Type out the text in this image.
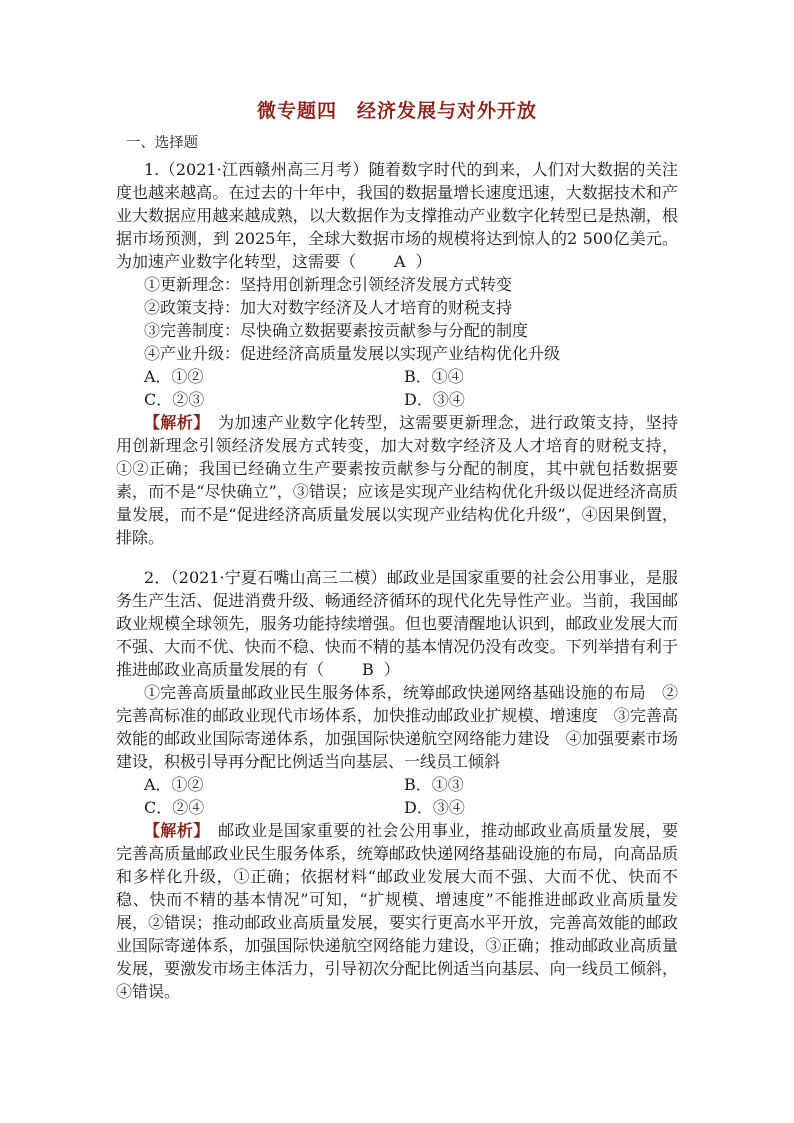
微专题四　经济发展与对外开放
一、选择题

1.（2021·江西赣州高三月考）随着数字时代的到来，人们对大数据的关注度也越来越高。在过去的十年中，我国的数据量增长速度迅速，大数据技术和产业大数据应用越来越成熟，以大数据作为支撑推动产业数字化转型已是热潮，根据市场预测，到 2025年，全球大数据市场的规模将达到惊人的2 500亿美元。为加速产业数字化转型，这需要（ A ）

①更新理念：坚持用创新理念引领经济发展方式转变

②政策支持：加大对数字经济及人才培育的财税支持

③完善制度：尽快确立数据要素按贡献参与分配的制度

④产业升级：促进经济高质量发展以实现产业结构优化升级

A．①②	B．①④
C．②③	D．③④

【解析】　为加速产业数字化转型，这需要更新理念，进行政策支持，坚持用创新理念引领经济发展方式转变，加大对数字经济及人才培育的财税支持，①②正确；我国已经确立生产要素按贡献参与分配的制度，其中就包括数据要素，而不是“尽快确立”，③错误；应该是实现产业结构优化升级以促进经济高质量发展，而不是“促进经济高质量发展以实现产业结构优化升级”，④因果倒置，排除。

2．（2021·宁夏石嘴山高三二模）邮政业是国家重要的社会公用事业，是服务生产生活、促进消费升级、畅通经济循环的现代化先导性产业。当前，我国邮政业规模全球领先，服务功能持续增强。但也要清醒地认识到，邮政业发展大而不强、大而不优、快而不稳、快而不精的基本情况仍没有改变。下列举措有利于推进邮政业高质量发展的有（ B ）

①完善高质量邮政业民生服务体系，统筹邮政快递网络基础设施的布局　②完善高标准的邮政业现代市场体系，加快推动邮政业扩规模、增速度　③完善高效能的邮政业国际寄递体系，加强国际快递航空网络能力建设　④加强要素市场建设，积极引导再分配比例适当向基层、一线员工倾斜

A．①②	B．①③
C．②④	D．③④

【解析】　邮政业是国家重要的社会公用事业，推动邮政业高质量发展，要完善高质量邮政业民生服务体系，统筹邮政快递网络基础设施的布局，向高品质和多样化升级，①正确；依据材料“邮政业发展大而不强、大而不优、快而不稳、快而不精的基本情况”可知，“扩规模、增速度”不能推进邮政业高质量发展，②错误；推动邮政业高质量发展，要实行更高水平开放，完善高效能的邮政业国际寄递体系，加强国际快递航空网络能力建设，③正确；推动邮政业高质量发展，要激发市场主体活力，引导初次分配比例适当向基层、向一线员工倾斜，④错误。
